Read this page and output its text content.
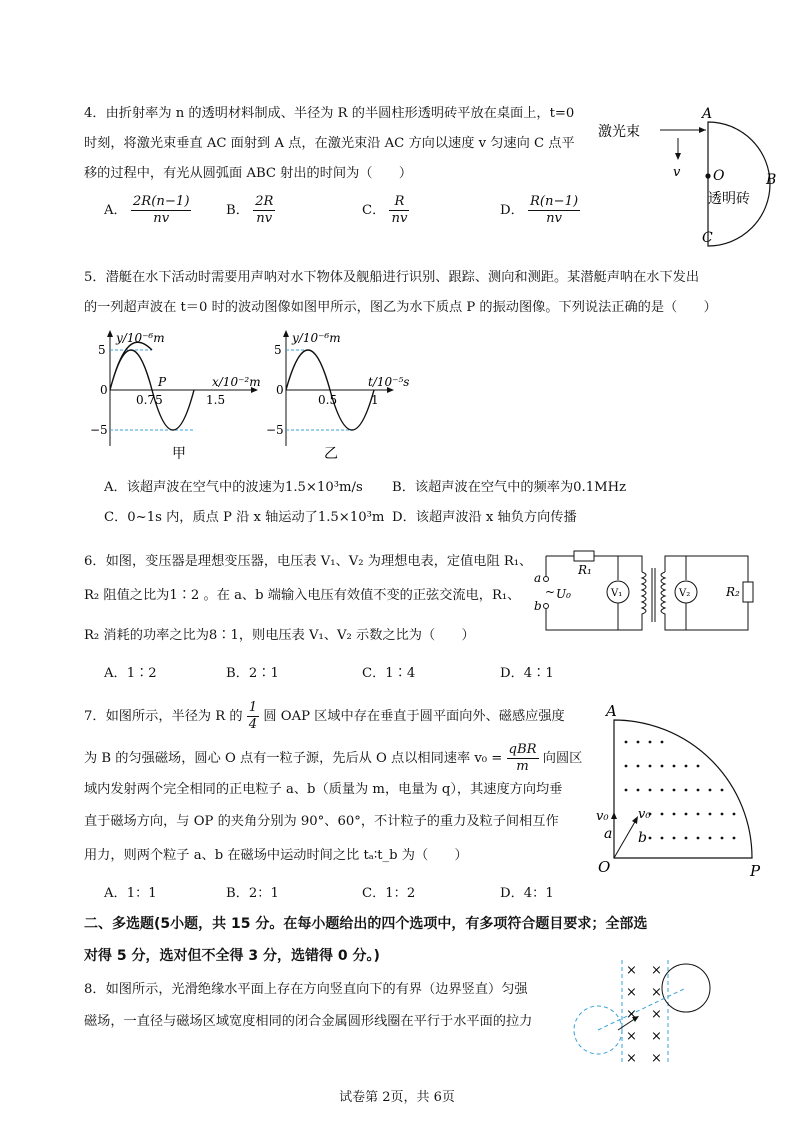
4．由折射率为 n 的透明材料制成、半径为 R 的半圆柱形透明砖平放在桌面上，t=0
时刻，将激光束垂直 AC 面射到 A 点，在激光束沿 AC 方向以速度 v 匀速向 C 点平
移的过程中，有光从圆弧面 ABC 射出的时间为（　　）
A． $\frac{2R(n-1)}{nv}$	B． $\frac{2R}{nv}$	C． $\frac{R}{nv}$	D． $\frac{R(n-1)}{nv}$
激光束
v
A
B
C
O
透明砖
5．潜艇在水下活动时需要用声呐对水下物体及舰船进行识别、跟踪、测向和测距。某潜艇声呐在水下发出
的一列超声波在 t＝0 时的波动图像如图甲所示，图乙为水下质点 P 的振动图像。下列说法正确的是（　　）
y/10⁻⁶m
x/10⁻²m
5
−5
0
0.75	1.5
P
甲
y/10⁻⁶m
t/10⁻⁵s
5
−5
0
0.5	1
乙
A．该超声波在空气中的波速为1.5×10³m/s B．该超声波在空气中的频率为0.1MHz
C．0~1s 内，质点 P 沿 x 轴运动了1.5×10³m D．该超声波沿 x 轴负方向传播
6．如图，变压器是理想变压器，电压表 V₁、V₂ 为理想电表，定值电阻 R₁、
R₂ 阻值之比为1∶2 。在 a、b 端输入电压有效值不变的正弦交流电，R₁、
R₂ 消耗的功率之比为8∶1，则电压表 V₁、V₂ 示数之比为（　　）
~
R₁
R₂
a
b
U₀	V₁	V₂
A．1∶2	B．2∶1	C．1∶4	D．4∶1
7．如图所示，半径为 R 的 $\frac{1}{4}$ 圆 OAP 区域中存在垂直于圆平面向外、磁感应强度
为 B 的匀强磁场，圆心 O 点有一粒子源，先后从 O 点以相同速率 $v_0 = \frac{\text{qBR}}{m}$ 向圆区
域内发射两个完全相同的正电粒子 a、b（质量为 m，电量为 q），其速度方向均垂
直于磁场方向，与 OP 的夹角分别为 90°、60°，不计粒子的重力及粒子间相互作
用力，则两个粒子 a、b 在磁场中运动时间之比 tₐ∶t_b 为（　　）
A
O	P
v₀ v₀
a b
A．1：1	B．2：1	C．1：2	D．4：1
二、多选题(5小题，共 15 分。在每小题给出的四个选项中，有多项符合题目要求；全部选
对得 5 分，选对但不全得 3 分，选错得 0 分。)
8．如图所示，光滑绝缘水平面上存在方向竖直向下的有界（边界竖直）匀强
磁场，一直径与磁场区域宽度相同的闭合金属圆形线圈在平行于水平面的拉力
× ×
× ×
× ×
× ×
× ×
试卷第 2页，共 6页
